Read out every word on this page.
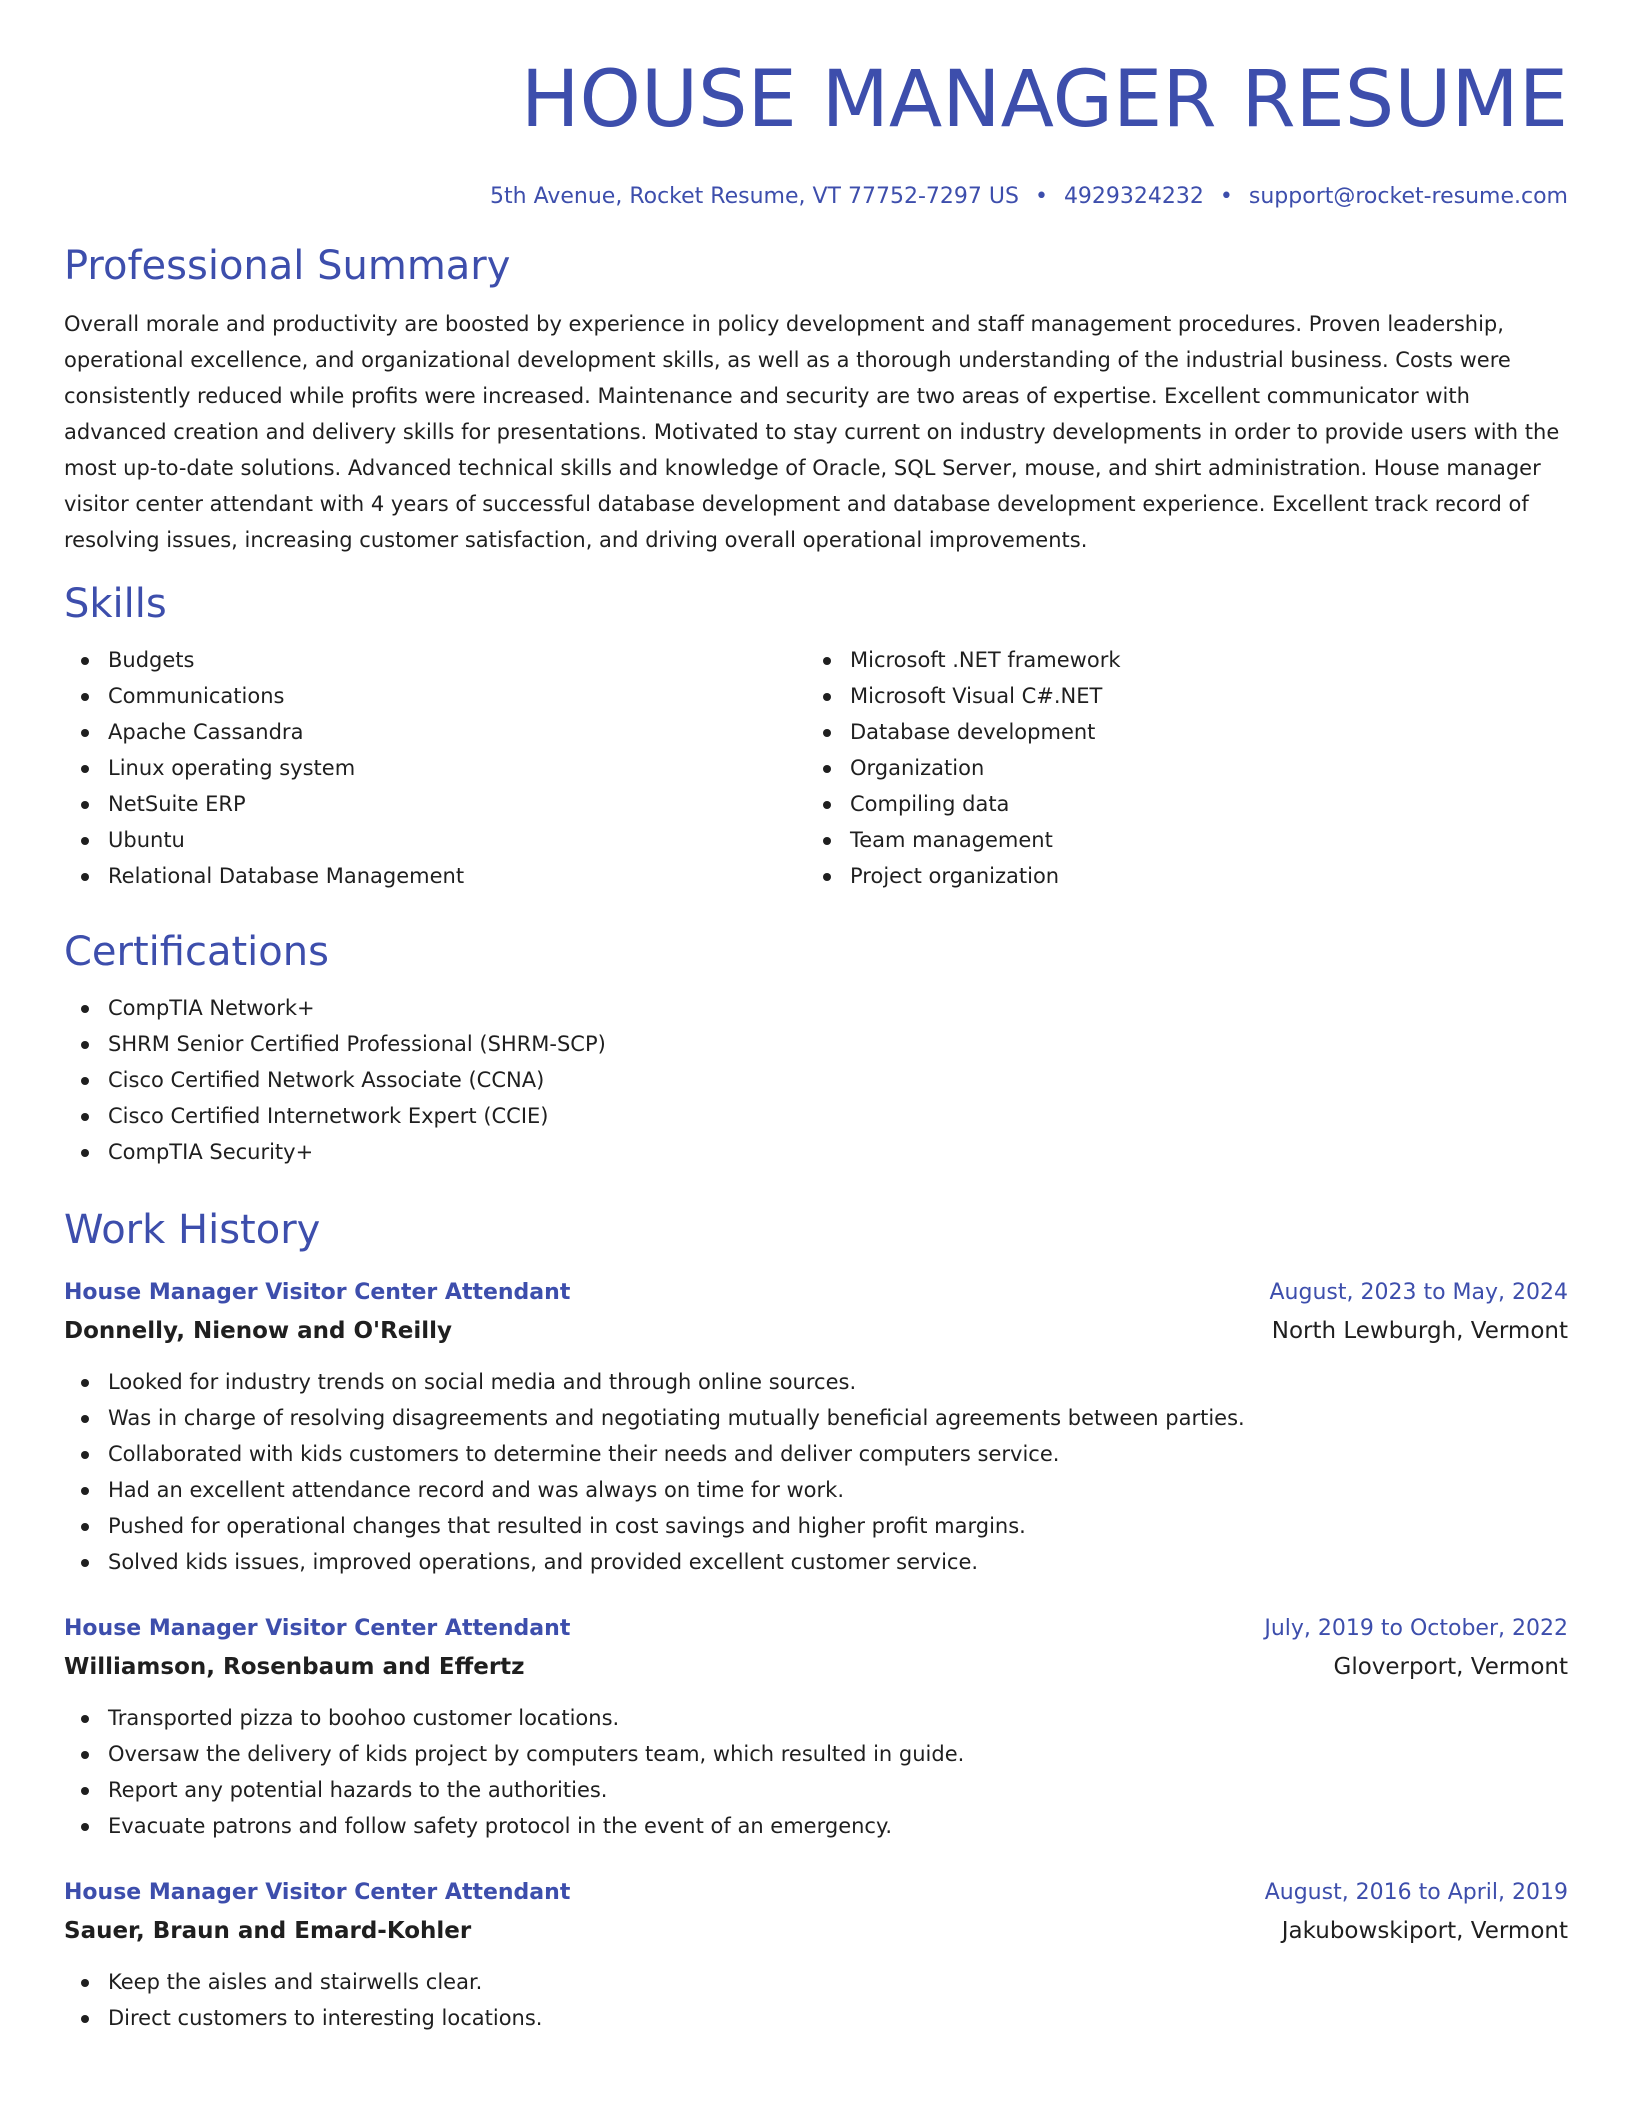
HOUSE MANAGER RESUME
5th Avenue, Rocket Resume, VT 77752-7297 US • 4929324232 • support@rocket-resume.com
Professional Summary

Overall morale and productivity are boosted by experience in policy development and staff management procedures. Proven leadership, operational excellence, and organizational development skills, as well as a thorough understanding of the industrial business. Costs were consistently reduced while profits were increased. Maintenance and security are two areas of expertise. Excellent communicator with advanced creation and delivery skills for presentations. Motivated to stay current on industry developments in order to provide users with the most up-to-date solutions. Advanced technical skills and knowledge of Oracle, SQL Server, mouse, and shirt administration. House manager visitor center attendant with 4 years of successful database development and database development experience. Excellent track record of resolving issues, increasing customer satisfaction, and driving overall operational improvements.

Skills
Budgets
Communications
Apache Cassandra
Linux operating system
NetSuite ERP
Ubuntu
Relational Database Management
Microsoft .NET framework
Microsoft Visual C#.NET
Database development
Organization
Compiling data
Team management
Project organization
Certifications
CompTIA Network+
SHRM Senior Certified Professional (SHRM-SCP)
Cisco Certified Network Associate (CCNA)
Cisco Certified Internetwork Expert (CCIE)
CompTIA Security+
Work History
House Manager Visitor Center Attendant	August, 2023 to May, 2024
Donnelly, Nienow and O'Reilly	North Lewburgh, Vermont
Looked for industry trends on social media and through online sources.
Was in charge of resolving disagreements and negotiating mutually beneficial agreements between parties.
Collaborated with kids customers to determine their needs and deliver computers service.
Had an excellent attendance record and was always on time for work.
Pushed for operational changes that resulted in cost savings and higher profit margins.
Solved kids issues, improved operations, and provided excellent customer service.
House Manager Visitor Center Attendant	July, 2019 to October, 2022
Williamson, Rosenbaum and Effertz	Gloverport, Vermont
Transported pizza to boohoo customer locations.
Oversaw the delivery of kids project by computers team, which resulted in guide.
Report any potential hazards to the authorities.
Evacuate patrons and follow safety protocol in the event of an emergency.
House Manager Visitor Center Attendant	August, 2016 to April, 2019
Sauer, Braun and Emard-Kohler	Jakubowskiport, Vermont
Keep the aisles and stairwells clear.
Direct customers to interesting locations.
